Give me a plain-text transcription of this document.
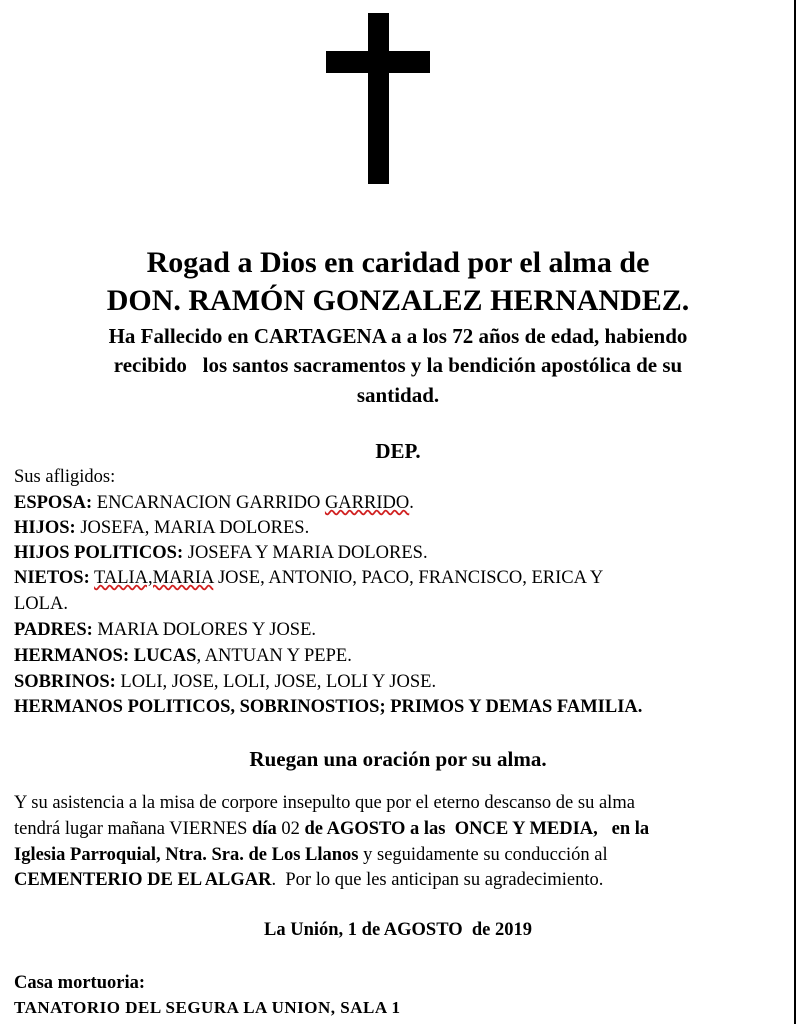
Rogad a Dios en caridad por el alma de
DON. RAMÓN GONZALEZ HERNANDEZ.
Ha Fallecido en CARTAGENA a a los 72 años de edad, habiendo
recibido   los santos sacramentos y la bendición apostólica de su
santidad.
DEP.
Sus afligidos:
ESPOSA: ENCARNACION GARRIDO GARRIDO.
HIJOS: JOSEFA, MARIA DOLORES.
HIJOS POLITICOS: JOSEFA Y MARIA DOLORES.
NIETOS: TALIA,MARIA JOSE, ANTONIO, PACO, FRANCISCO, ERICA Y
LOLA.
PADRES: MARIA DOLORES Y JOSE.
HERMANOS: LUCAS, ANTUAN Y PEPE.
SOBRINOS: LOLI, JOSE, LOLI, JOSE, LOLI Y JOSE.
HERMANOS POLITICOS, SOBRINOSTIOS; PRIMOS Y DEMAS FAMILIA.
Ruegan una oración por su alma.
Y su asistencia a la misa de corpore insepulto que por el eterno descanso de su alma
tendrá lugar mañana VIERNES día 02 de AGOSTO a las  ONCE Y MEDIA,   en la
Iglesia Parroquial, Ntra. Sra. de Los Llanos y seguidamente su conducción al
CEMENTERIO DE EL ALGAR.  Por lo que les anticipan su agradecimiento.
La Unión, 1 de AGOSTO  de 2019
Casa mortuoria:
TANATORIO DEL SEGURA LA UNION, SALA 1
